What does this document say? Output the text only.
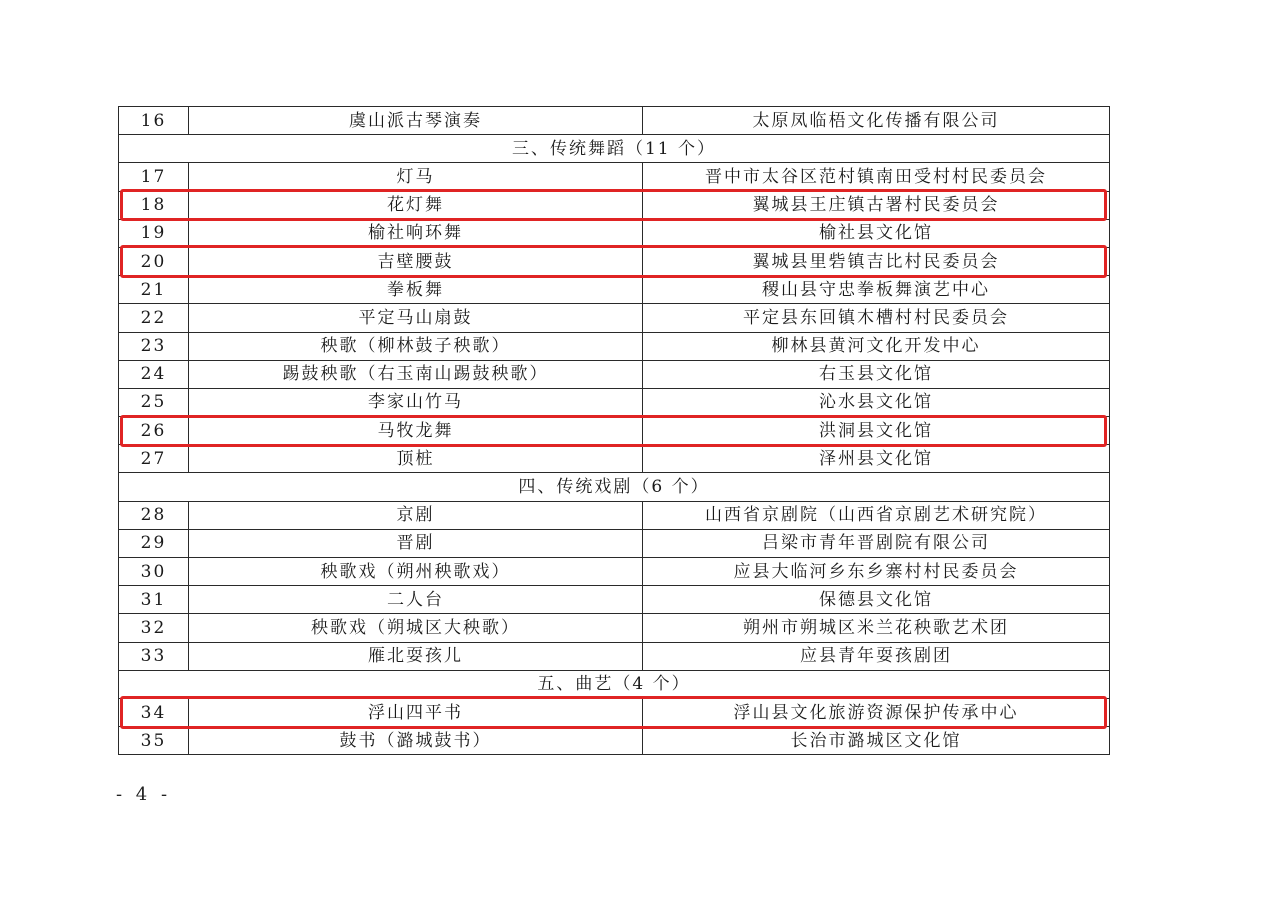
16	虞山派古琴演奏	太原凤临梧文化传播有限公司
三、传统舞蹈（11 个）		
17	灯马	晋中市太谷区范村镇南田受村村民委员会
18	花灯舞	翼城县王庄镇古署村民委员会
19	榆社响环舞	榆社县文化馆
20	吉壁腰鼓	翼城县里砦镇吉比村民委员会
21	拳板舞	稷山县守忠拳板舞演艺中心
22	平定马山扇鼓	平定县东回镇木槽村村民委员会
23	秧歌（柳林鼓子秧歌）	柳林县黄河文化开发中心
24	踢鼓秧歌（右玉南山踢鼓秧歌）	右玉县文化馆
25	李家山竹马	沁水县文化馆
26	马牧龙舞	洪洞县文化馆
27	顶桩	泽州县文化馆
四、传统戏剧（6 个）		
28	京剧	山西省京剧院（山西省京剧艺术研究院）
29	晋剧	吕梁市青年晋剧院有限公司
30	秧歌戏（朔州秧歌戏）	应县大临河乡东乡寨村村民委员会
31	二人台	保德县文化馆
32	秧歌戏（朔城区大秧歌）	朔州市朔城区米兰花秧歌艺术团
33	雁北耍孩儿	应县青年耍孩剧团
五、曲艺（4 个）		
34	浮山四平书	浮山县文化旅游资源保护传承中心
35	鼓书（潞城鼓书）	长治市潞城区文化馆
- 4 -
